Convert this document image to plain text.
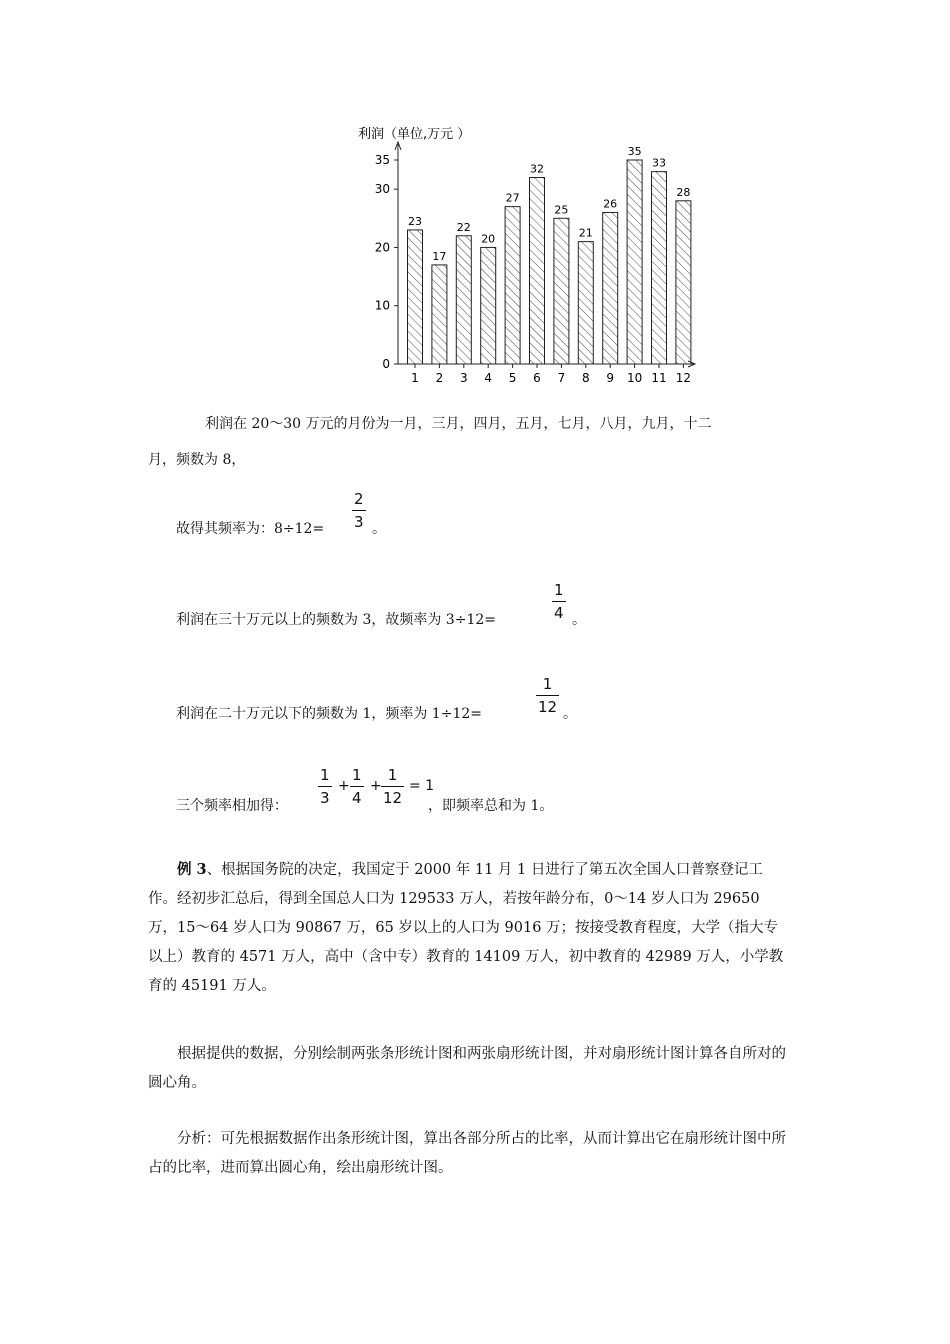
利润（单位,万元 ）
0
10
20
30
35
1 2 3 4 5 6 7 8 9 10 11 12
23
17
22
20
27
32
25
21
26
35
33
28
利润在 20～30 万元的月份为一月，三月，四月，五月，七月，八月，九月，十二
月，频数为 8，
故得其频率为：8÷12=
2
3 。
利润在三十万元以上的频数为 3，故频率为 3÷12=
1
4 。
利润在二十万元以下的频数为 1，频率为 1÷12=
1
12 。
三个频率相加得：
1
3
+
1
4
+
1
12
= 1
，即频率总和为 1。
例 3、根据国务院的决定，我国定于 2000 年 11 月 1 日进行了第五次全国人口普察登记工作。经初步汇总后，得到全国总人口为 129533 万人，若按年龄分布，0～14 岁人口为 29650 万，15～64 岁人口为 90867 万，65 岁以上的人口为 9016 万；按接受教育程度，大学（指大专以上）教育的 4571 万人，高中（含中专）教育的 14109 万人，初中教育的 42989 万人，小学教育的 45191 万人。
根据提供的数据，分别绘制两张条形统计图和两张扇形统计图，并对扇形统计图计算各自所对的圆心角。
分析：可先根据数据作出条形统计图，算出各部分所占的比率，从而计算出它在扇形统计图中所占的比率，进而算出圆心角，绘出扇形统计图。
